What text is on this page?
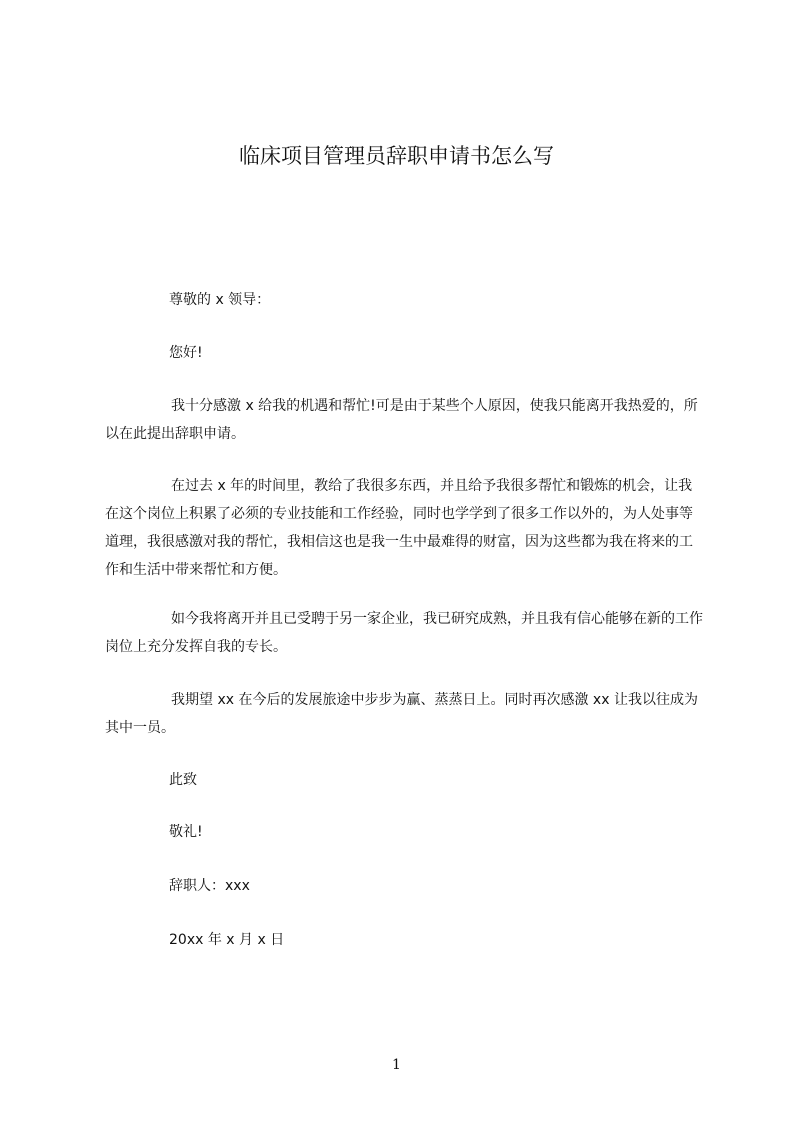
临床项目管理员辞职申请书怎么写

尊敬的 x 领导：

您好!

我十分感激 x 给我的机遇和帮忙!可是由于某些个人原因，使我只能离开我热爱的，所以在此提出辞职申请。

在过去 x 年的时间里，教给了我很多东西，并且给予我很多帮忙和锻炼的机会，让我在这个岗位上积累了必须的专业技能和工作经验，同时也学学到了很多工作以外的，为人处事等道理，我很感激对我的帮忙，我相信这也是我一生中最难得的财富，因为这些都为我在将来的工作和生活中带来帮忙和方便。

如今我将离开并且已受聘于另一家企业，我已研究成熟，并且我有信心能够在新的工作岗位上充分发挥自我的专长。

我期望 xx 在今后的发展旅途中步步为赢、蒸蒸日上。同时再次感激 xx 让我以往成为其中一员。

此致

敬礼!

辞职人：xxx

20xx 年 x 月 x 日

1
